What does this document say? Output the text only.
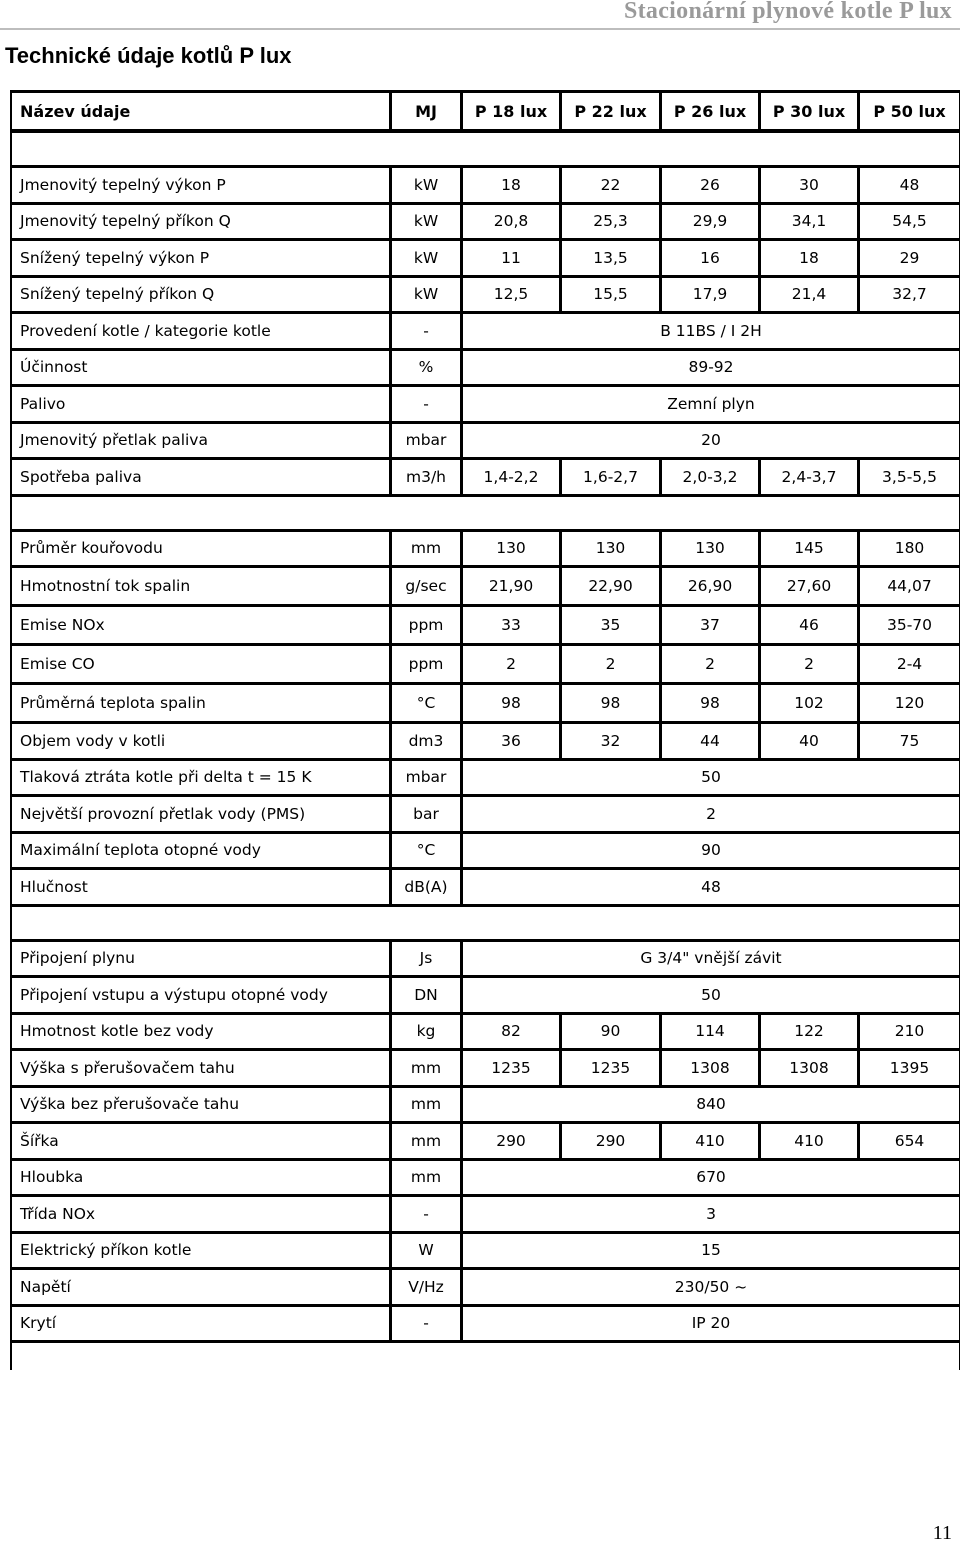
Stacionární plynové kotle P lux
Technické údaje kotlů P lux
Název údaje	MJ	P 18 lux	P 22 lux	P 26 lux	P 30 lux	P 50 lux
Jmenovitý tepelný výkon P	kW	18	22	26	30	48
Jmenovitý tepelný příkon Q	kW	20,8	25,3	29,9	34,1	54,5
Snížený tepelný výkon P	kW	11	13,5	16	18	29
Snížený tepelný příkon Q	kW	12,5	15,5	17,9	21,4	32,7
Provedení kotle / kategorie kotle	-	B 11BS / I 2H
Účinnost	%	89-92
Palivo	-	Zemní plyn
Jmenovitý přetlak paliva	mbar	20
Spotřeba paliva	m3/h	1,4-2,2	1,6-2,7	2,0-3,2	2,4-3,7	3,5-5,5
Průměr kouřovodu	mm	130	130	130	145	180
Hmotnostní tok spalin	g/sec	21,90	22,90	26,90	27,60	44,07
Emise NOx	ppm	33	35	37	46	35-70
Emise CO	ppm	2	2	2	2	2-4
Průměrná teplota spalin	°C	98	98	98	102	120
Objem vody v kotli	dm3	36	32	44	40	75
Tlaková ztráta kotle při delta t = 15 K	mbar	50
Největší provozní přetlak vody (PMS)	bar	2
Maximální teplota otopné vody	°C	90
Hlučnost	dB(A)	48
Připojení plynu	Js	G 3/4" vnější závit
Připojení vstupu a výstupu otopné vody	DN	50
Hmotnost kotle bez vody	kg	82	90	114	122	210
Výška s přerušovačem tahu	mm	1235	1235	1308	1308	1395
Výška bez přerušovače tahu	mm	840
Šířka	mm	290	290	410	410	654
Hloubka	mm	670
Třída NOx	-	3
Elektrický příkon kotle	W	15
Napětí	V/Hz	230/50 ~
Krytí	-	IP 20
11
